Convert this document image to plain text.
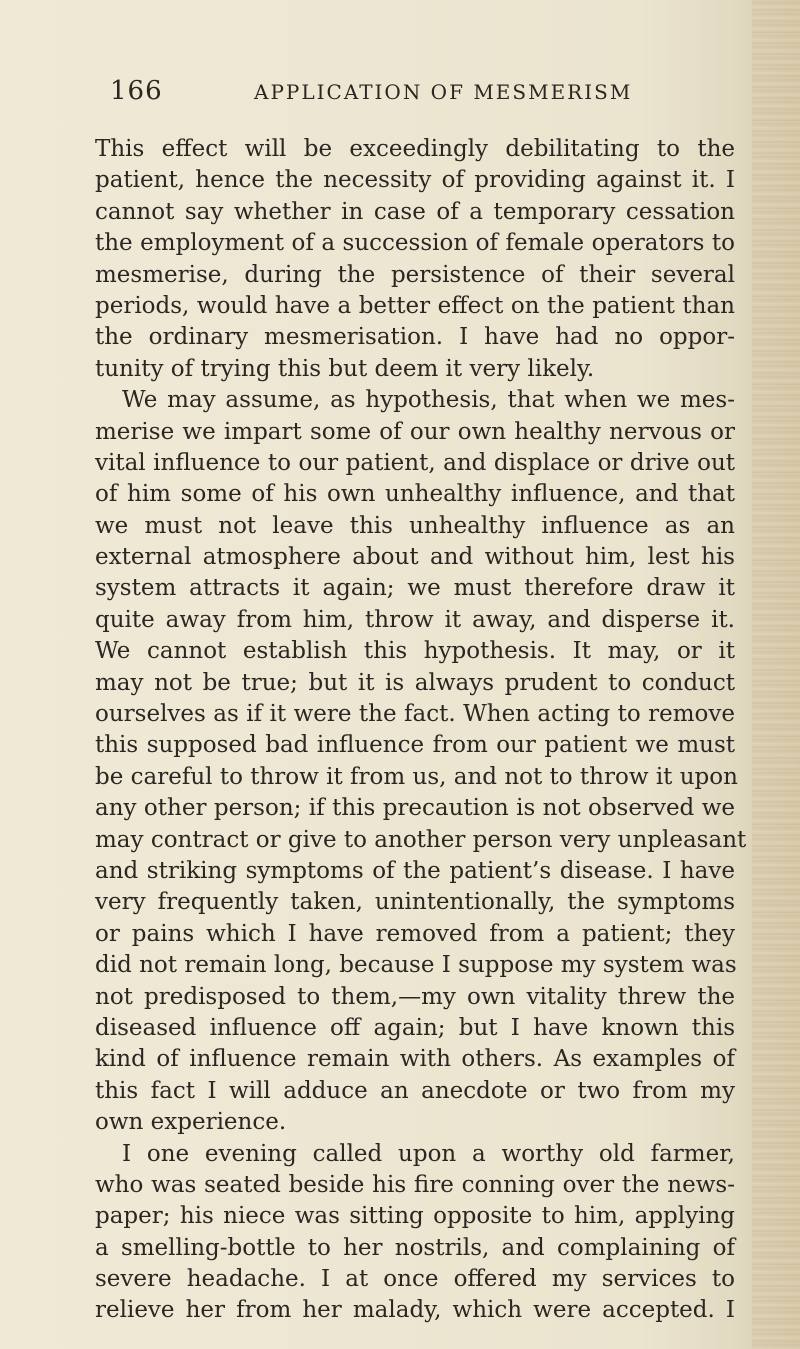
166	APPLICATION OF MESMERISM
This effect will be exceedingly debilitating to the
patient, hence the necessity of providing against it. I
cannot say whether in case of a temporary cessation
the employment of a succession of female operators to
mesmerise, during the persistence of their several
periods, would have a better effect on the patient than
the ordinary mesmerisation. I have had no oppor-
tunity of trying this but deem it very likely.
We may assume, as hypothesis, that when we mes-
merise we impart some of our own healthy nervous or
vital influence to our patient, and displace or drive out
of him some of his own unhealthy influence, and that
we must not leave this unhealthy influence as an
external atmosphere about and without him, lest his
system attracts it again; we must therefore draw it
quite away from him, throw it away, and disperse it.
We cannot establish this hypothesis. It may, or it
may not be true; but it is always prudent to conduct
ourselves as if it were the fact. When acting to remove
this supposed bad influence from our patient we must
be careful to throw it from us, and not to throw it upon
any other person; if this precaution is not observed we
may contract or give to another person very unpleasant
and striking symptoms of the patient’s disease. I have
very frequently taken, unintentionally, the symptoms
or pains which I have removed from a patient; they
did not remain long, because I suppose my system was
not predisposed to them,—my own vitality threw the
diseased influence off again; but I have known this
kind of influence remain with others. As examples of
this fact I will adduce an anecdote or two from my
own experience.
I one evening called upon a worthy old farmer,
who was seated beside his fire conning over the news-
paper; his niece was sitting opposite to him, applying
a smelling-bottle to her nostrils, and complaining of
severe headache. I at once offered my services to
relieve her from her malady, which were accepted. I
